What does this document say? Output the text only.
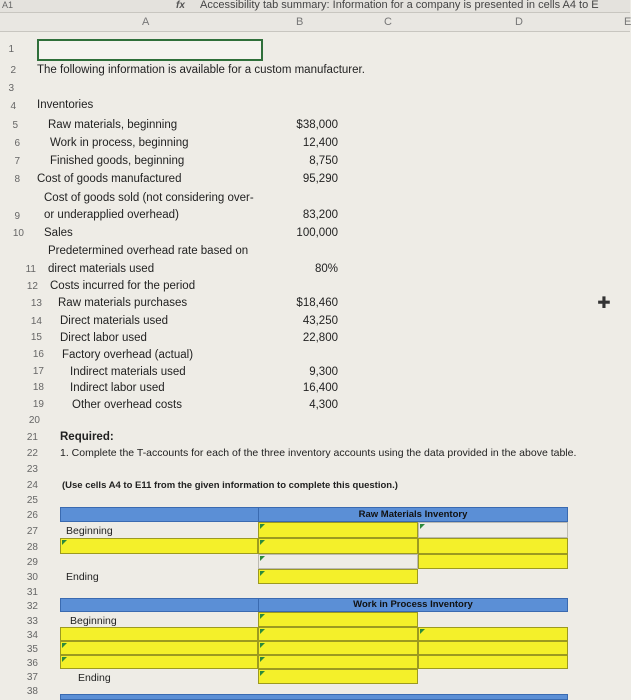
A1	fx Accessibility tab summary: Information for a company is presented in cells A4 to E
A	B	C	D	E
1
2
3
4
5
6
7
8
9
10
11
12
13
14
15
16
17
18
19
20
21
22
23
24
25
26
27
28
29
30
31
32
33
34
35
36
37
38
The following information is available for a custom manufacturer.
Inventories
Raw materials, beginning	$38,000
Work in process, beginning	12,400
Finished goods, beginning	8,750
Cost of goods manufactured	95,290
Cost of goods sold (not considering over-
or underapplied overhead)	83,200
Sales	100,000
Predetermined overhead rate based on
direct materials used	80%
Costs incurred for the period
Raw materials purchases	$18,460
Direct materials used	43,250
Direct labor used	22,800
Factory overhead (actual)
Indirect materials used	9,300
Indirect labor used	16,400
Other overhead costs	4,300
Required:
1. Complete the T-accounts for each of the three inventory accounts using the data provided in the above table.
(Use cells A4 to E11 from the given information to complete this question.)
✚
Raw Materials Inventory
Beginning
Ending
Work in Process Inventory
Beginning
Ending
